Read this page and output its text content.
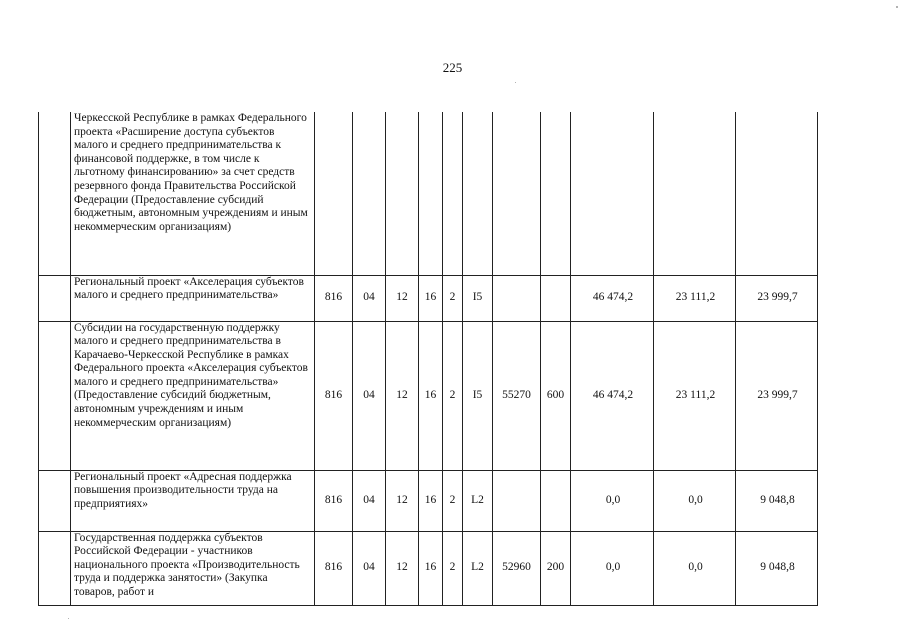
225
	Черкесской Республике в рамках Федерального проекта «Расширение доступа субъектов малого и среднего предпринимательства к финансовой поддержке, в том числе к льготному финансированию» за счет средств резервного фонда Правительства Российской Федерации (Предоставление субсидий бюджетным, автономным учреждениям и иным некоммерческим организациям)											
	Региональный проект «Акселерация субъектов малого и среднего предпринимательства»	816	04	12	16	2	I5			46 474,2	23 111,2	23 999,7
	Субсидии на государственную поддержку малого и среднего предпринимательства в Карачаево-Черкесской Республике в рамках Федерального проекта «Акселерация субъектов малого и среднего предпринимательства» (Предоставление субсидий бюджетным, автономным учреждениям и иным некоммерческим организациям)	816	04	12	16	2	I5	55270	600	46 474,2	23 111,2	23 999,7
	Региональный проект «Адресная поддержка повышения производительности труда на предприятиях»	816	04	12	16	2	L2			0,0	0,0	9 048,8
	Государственная поддержка субъектов Российской Федерации - участников национального проекта «Производительность труда и поддержка занятости» (Закупка товаров, работ и	816	04	12	16	2	L2	52960	200	0,0	0,0	9 048,8
